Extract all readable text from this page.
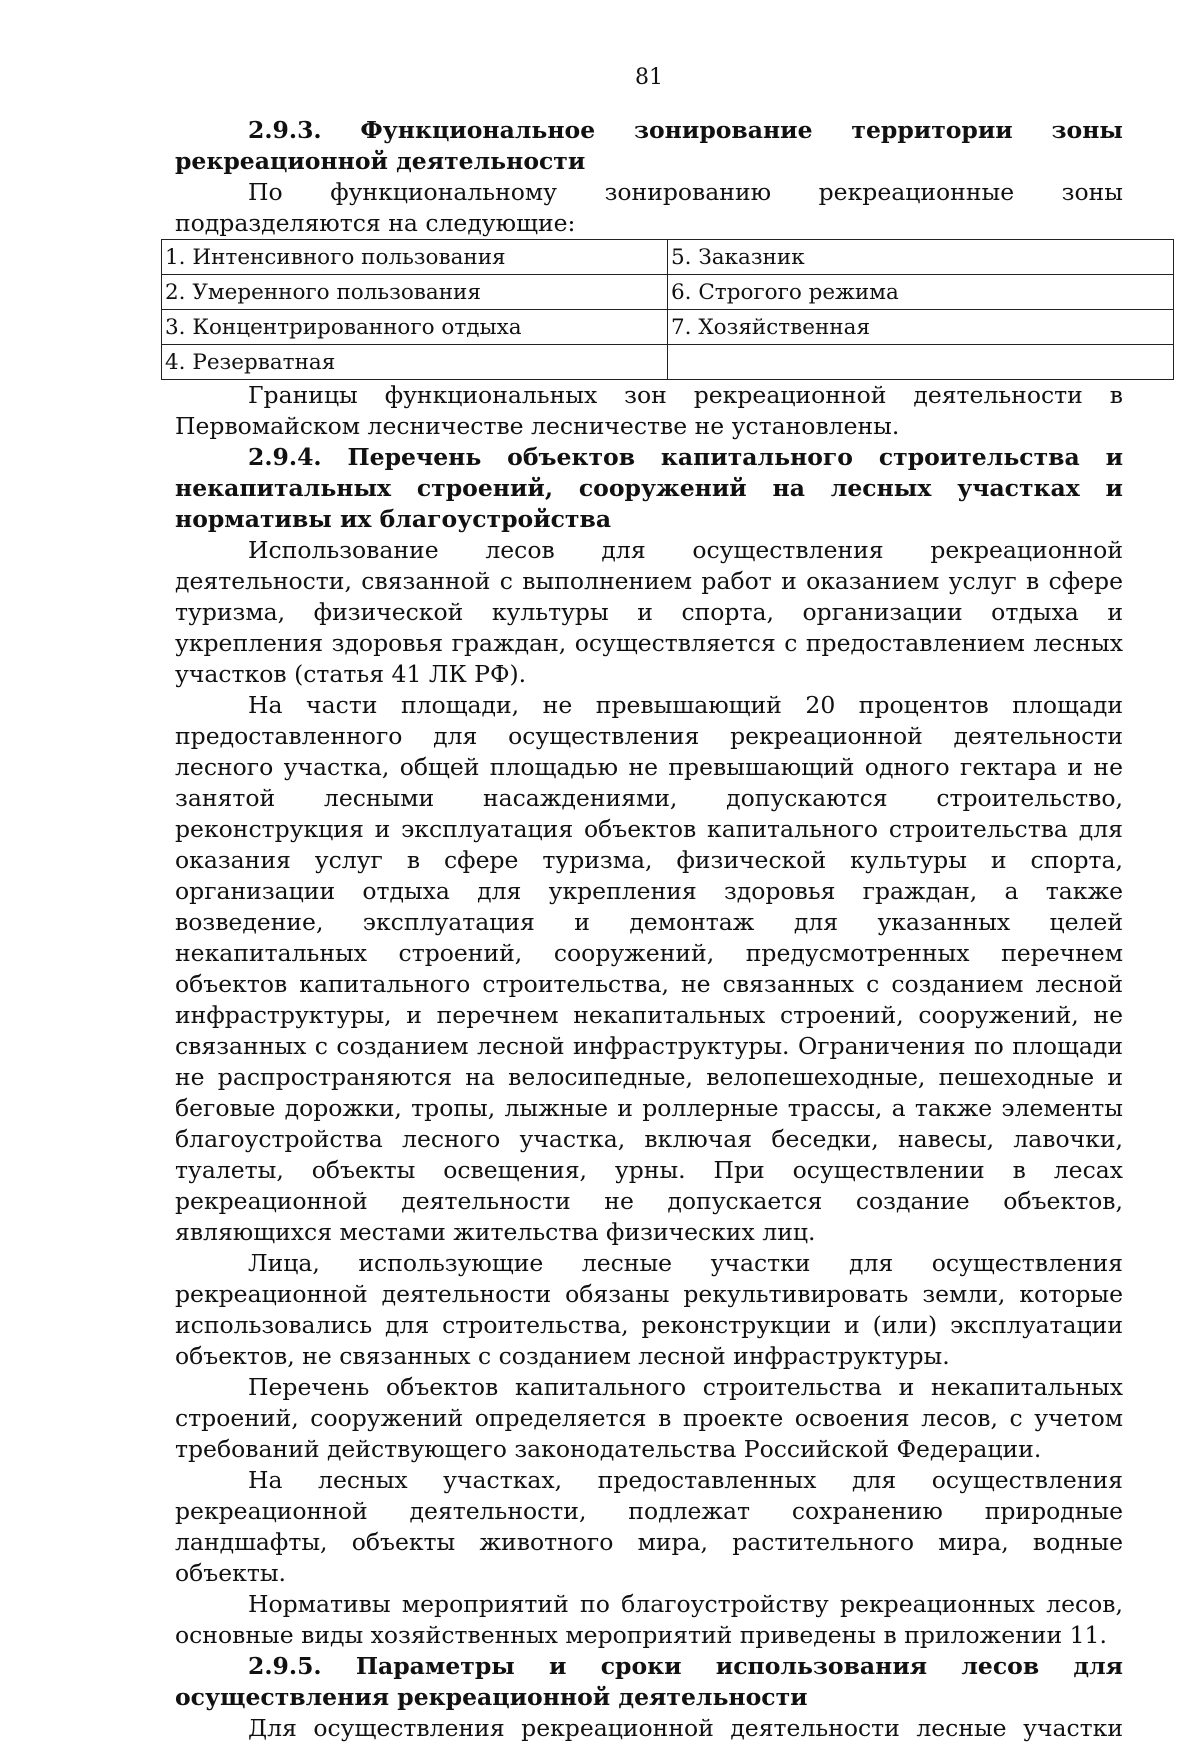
81

2.9.3. Функциональное зонирование территории зоны рекреационной деятельности

По функциональному зонированию рекреационные зоны подразделяются на следующие:

1. Интенсивного пользования	5. Заказник
2. Умеренного пользования	6. Строгого режима
3. Концентрированного отдыха	7. Хозяйственная
4. Резерватная	

Границы функциональных зон рекреационной деятельности в Первомайском лесничестве лесничестве не установлены.

2.9.4. Перечень объектов капитального строительства и некапитальных строений, сооружений на лесных участках и нормативы их благоустройства

Использование лесов для осуществления рекреационной деятельности, связанной с выполнением работ и оказанием услуг в сфере туризма, физической культуры и спорта, организации отдыха и укрепления здоровья граждан, осуществляется с предоставлением лесных участков (статья 41 ЛК РФ).

На части площади, не превышающий 20 процентов площади предоставленного для осуществления рекреационной деятельности лесного участка, общей площадью не превышающий одного гектара и не занятой лесными насаждениями, допускаются строительство, реконструкция и эксплуатация объектов капитального строительства для оказания услуг в сфере туризма, физической культуры и спорта, организации отдыха для укрепления здоровья граждан, а также возведение, эксплуатация и демонтаж для указанных целей некапитальных строений, сооружений, предусмотренных перечнем объектов капитального строительства, не связанных с созданием лесной инфраструктуры, и перечнем некапитальных строений, сооружений, не связанных с созданием лесной инфраструктуры. Ограничения по площади не распространяются на велосипедные, велопешеходные, пешеходные и беговые дорожки, тропы, лыжные и роллерные трассы, а также элементы благоустройства лесного участка, включая беседки, навесы, лавочки, туалеты, объекты освещения, урны. При осуществлении в лесах рекреационной деятельности не допускается создание объектов, являющихся местами жительства физических лиц.

Лица, использующие лесные участки для осуществления рекреационной деятельности обязаны рекультивировать земли, которые использовались для строительства, реконструкции и (или) эксплуатации объектов, не связанных с созданием лесной инфраструктуры.

Перечень объектов капитального строительства и некапитальных строений, сооружений определяется в проекте освоения лесов, с учетом требований действующего законодательства Российской Федерации.

На лесных участках, предоставленных для осуществления рекреационной деятельности, подлежат сохранению природные ландшафты, объекты животного мира, растительного мира, водные объекты.

Нормативы мероприятий по благоустройству рекреационных лесов, основные виды хозяйственных мероприятий приведены в приложении 11.

2.9.5. Параметры и сроки использования лесов для осуществления рекреационной деятельности

Для осуществления рекреационной деятельности лесные участки
